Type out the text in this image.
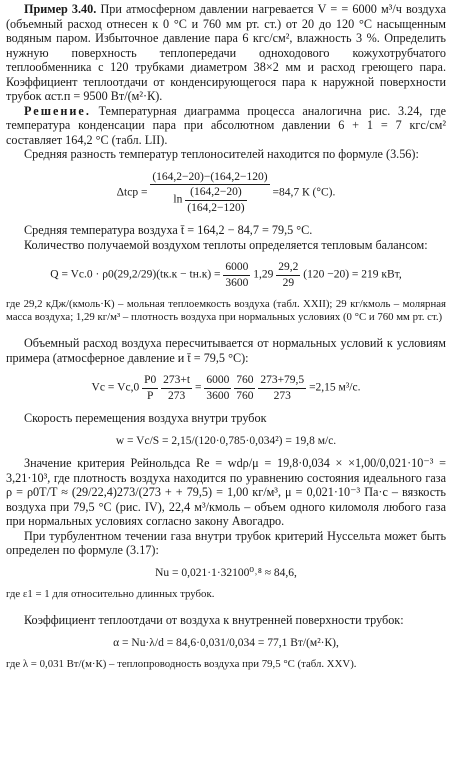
Пример 3.40. При атмосферном давлении нагревается V = = 6000 м³/ч воздуха (объемный расход отнесен к 0 °С и 760 мм рт. ст.) от 20 до 120 °С насыщенным водяным паром. Избыточное давление пара 6 кгс/см², влажность 3 %. Определить нужную поверхность теплопередачи одноходового кожухотрубчатого теплообменника с 120 трубками диаметром 38×2 мм и расход греющего пара. Коэффициент теплоотдачи от конденсирующегося пара к наружной поверхности трубок αст.п = 9500 Вт/(м²·К).

Решение. Температурная диаграмма процесса аналогична рис. 3.24, где температура конденсации пара при абсолютном давлении 6 + 1 = 7 кгс/см² составляет 164,2 °С (табл. LII).

Средняя разность температур теплоносителей находится по формуле (3.56):

$\Delta tср = \frac{(164,2-20)-(164,2-120)}{\ln \frac{(164,2-20)}{(164,2-120)}} =84,7$ К (°С).

Средняя температура воздуха t̄ = 164,2 − 84,7 = 79,5 °С.

Количество получаемой воздухом теплоты определяется тепловым балансом:

$Q = Vс.0 \cdot \rho 0(29,2/29)(tк.к - tн.к) = \frac{6000}{3600} 1,29 \frac{29,2}{29} (120 -20) = 219$ кВт,

где 29,2 кДж/(кмоль·К) – мольная теплоемкость воздуха (табл. XXII); 29 кг/кмоль – молярная масса воздуха; 1,29 кг/м³ – плотность воздуха при нормальных условиях (0 °С и 760 мм рт. ст.)

Объемный расход воздуха пересчитывается от нормальных условий к условиям примера (атмосферное давление и t̄ = 79,5 °С):

Vс = $Vс,0 \frac{P0}{P}$
$\frac{273+t}{273} = \frac{6000}{3600}$
$\frac{760}{760}$
$\frac{273+79,5}{273} =2,15$ м³/с.

Скорость перемещения воздуха внутри трубок

w = Vс/S = 2,15/(120·0,785·0,034²) = 19,8 м/с.

Значение критерия Рейнольдса Re = wdρ/μ = 19,8·0,034 × ×1,00/0,021·10⁻³ = 3,21·10³, где плотность воздуха находится по уравнению состояния идеального газа ρ = ρ0T/T ≈ (29/22,4)273/(273 + + 79,5) = 1,00 кг/м³, μ = 0,021·10⁻³ Па·с – вязкость воздуха при 79,5 °С (рис. IV), 22,4 м³/кмоль – объем одного киломоля любого газа при нормальных условиях согласно закону Авогадро.

При турбулентном течении газа внутри трубок критерий Нуссельта может быть определен по формуле (3.17):

Nu = 0,021·1·32100⁰˒⁸ ≈ 84,6,

где ε1 = 1 для относительно длинных трубок.

Коэффициент теплоотдачи от воздуха к внутренней поверхности трубок:

α = Nu·λ/d = 84,6·0,031/0,034 = 77,1 Вт/(м²·К),

где λ = 0,031 Вт/(м·К) – теплопроводность воздуха при 79,5 °С (табл. XXV).
